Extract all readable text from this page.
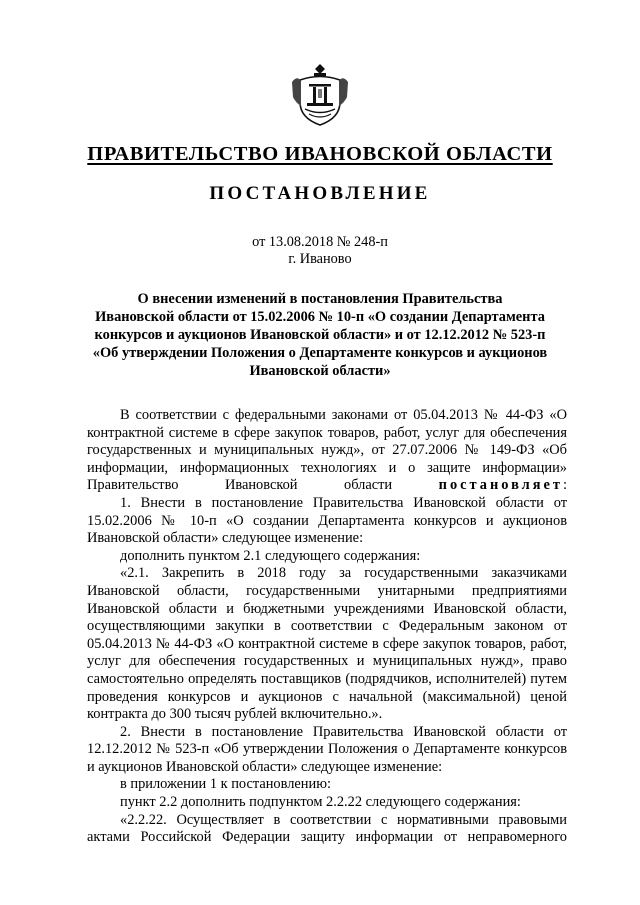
ПРАВИТЕЛЬСТВО ИВАНОВСКОЙ ОБЛАСТИ
ПОСТАНОВЛЕНИЕ
от 13.08.2018 № 248-п
г. Иваново
О внесении изменений в постановления Правительства
Ивановской области от 15.02.2006 № 10-п «О создании Департамента
конкурсов и аукционов Ивановской области» и от 12.12.2012 № 523-п
«Об утверждении Положения о Департаменте конкурсов и аукционов
Ивановской области»

В соответствии с федеральными законами от 05.04.2013 № 44-ФЗ «О контрактной системе в сфере закупок товаров, работ, услуг для обеспечения государственных и муниципальных нужд», от 27.07.2006 № 149-ФЗ «Об информации, информационных технологиях и о защите информации» Правительство Ивановской области постановляет:

1. Внести в постановление Правительства Ивановской области от 15.02.2006 № 10-п «О создании Департамента конкурсов и аукционов Ивановской области» следующее изменение:

дополнить пунктом 2.1 следующего содержания:

«2.1. Закрепить в 2018 году за государственными заказчиками Ивановской области, государственными унитарными предприятиями Ивановской области и бюджетными учреждениями Ивановской области, осуществляющими закупки в соответствии с Федеральным законом от 05.04.2013 № 44-ФЗ «О контрактной системе в сфере закупок товаров, работ, услуг для обеспечения государственных и муниципальных нужд», право самостоятельно определять поставщиков (подрядчиков, исполнителей) путем проведения конкурсов и аукционов с начальной (максимальной) ценой контракта до 300 тысяч рублей включительно.».

2. Внести в постановление Правительства Ивановской области от 12.12.2012 № 523-п «Об утверждении Положения о Департаменте конкурсов и аукционов Ивановской области» следующее изменение:

в приложении 1 к постановлению:

пункт 2.2 дополнить подпунктом 2.2.22 следующего содержания:

«2.2.22. Осуществляет в соответствии с нормативными правовыми актами Российской Федерации защиту информации от неправомерного
